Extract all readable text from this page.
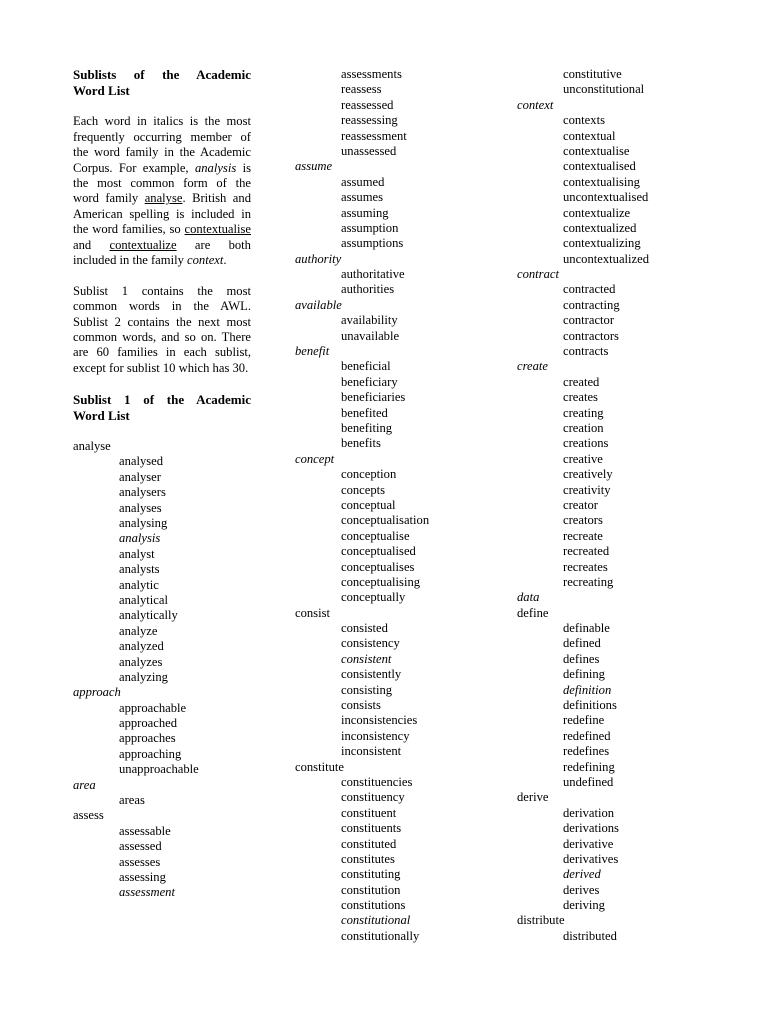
Sublists of the Academic
Word List

Each word in italics is the most frequently occurring member of the word family in the Academic Corpus. For example, analysis is the most common form of the word family analyse. British and American spelling is included in the word families, so contextualise and contextualize are both included in the family context.

Sublist 1 contains the most common words in the AWL. Sublist 2 contains the next most common words, and so on. There are 60 families in each sublist, except for sublist 10 which has 30.

Sublist 1 of the Academic
Word List

analyse
analysed
analyser
analysers
analyses
analysing
analysis
analyst
analysts
analytic
analytical
analytically
analyze
analyzed
analyzes
analyzing
approach
approachable
approached
approaches
approaching
unapproachable
area
areas
assess
assessable
assessed
assesses
assessing
assessment
assessments
reassess
reassessed
reassessing
reassessment
unassessed
assume
assumed
assumes
assuming
assumption
assumptions
authority
authoritative
authorities
available
availability
unavailable
benefit
beneficial
beneficiary
beneficiaries
benefited
benefiting
benefits
concept
conception
concepts
conceptual
conceptualisation
conceptualise
conceptualised
conceptualises
conceptualising
conceptually
consist
consisted
consistency
consistent
consistently
consisting
consists
inconsistencies
inconsistency
inconsistent
constitute
constituencies
constituency
constituent
constituents
constituted
constitutes
constituting
constitution
constitutions
constitutional
constitutionally
constitutive
unconstitutional
context
contexts
contextual
contextualise
contextualised
contextualising
uncontextualised
contextualize
contextualized
contextualizing
uncontextualized
contract
contracted
contracting
contractor
contractors
contracts
create
created
creates
creating
creation
creations
creative
creatively
creativity
creator
creators
recreate
recreated
recreates
recreating
data
define
definable
defined
defines
defining
definition
definitions
redefine
redefined
redefines
redefining
undefined
derive
derivation
derivations
derivative
derivatives
derived
derives
deriving
distribute
distributed
